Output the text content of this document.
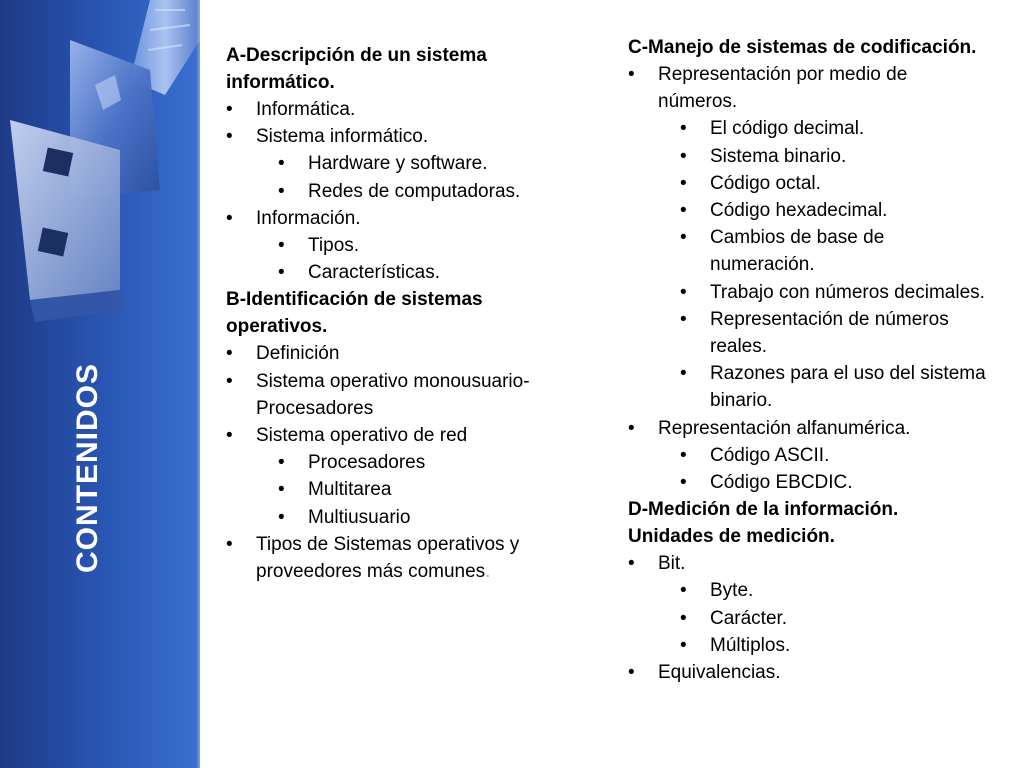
CONTENIDOS

A-Descripción de un sistema informático.

• Informática.
• Sistema informático.
• Hardware y software.
• Redes de computadoras.
• Información.
• Tipos.
• Características.

B-Identificación de sistemas operativos.

• Definición
• Sistema operativo monousuario- Procesadores
• Sistema operativo de red
• Procesadores
• Multitarea
• Multiusuario
• Tipos de Sistemas operativos y proveedores más comunes.

C-Manejo de sistemas de codificación.

• Representación por medio de números.
• El código decimal.
• Sistema binario.
• Código octal.
• Código hexadecimal.
• Cambios de base de numeración.
• Trabajo con números decimales.
• Representación de números reales.
• Razones para el uso del sistema binario.
• Representación alfanumérica.
• Código ASCII.
• Código EBCDIC.

D-Medición de la información. Unidades de medición.

• Bit.
• Byte.
• Carácter.
• Múltiplos.
• Equivalencias.
